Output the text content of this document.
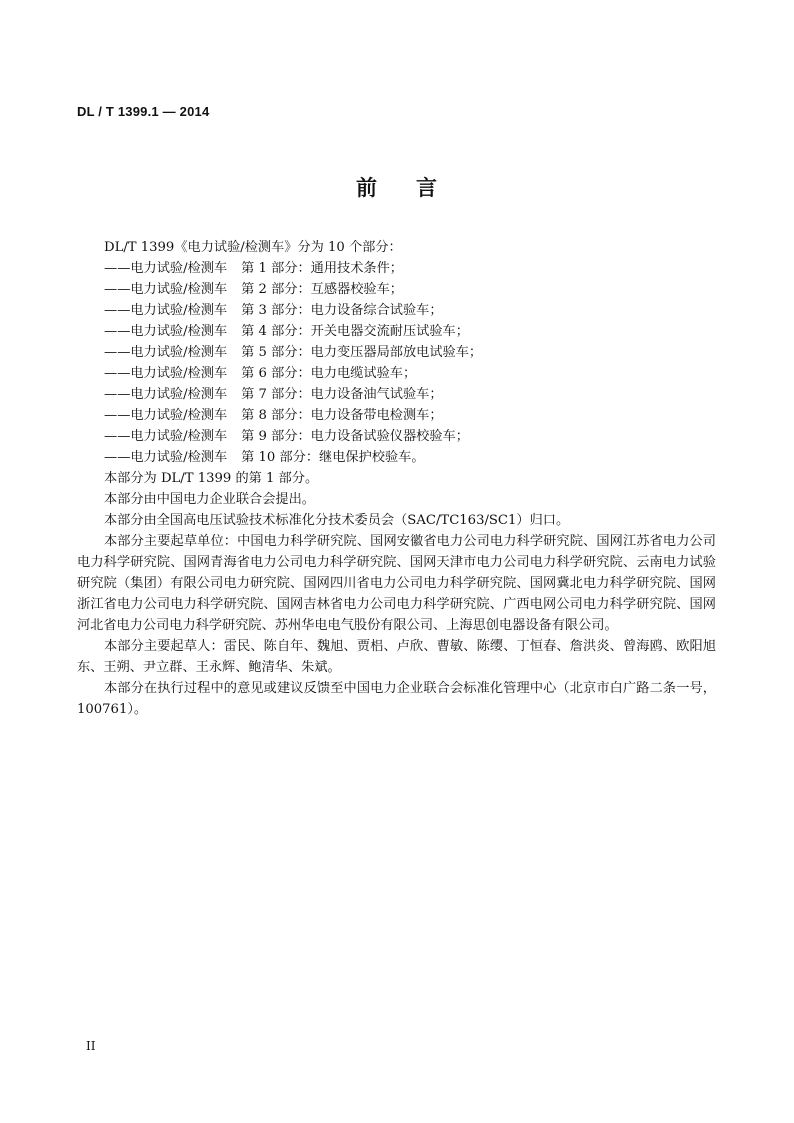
DL / T 1399.1 — 2014
前 言
DL/T 1399《电力试验/检测车》分为 10 个部分：
——电力试验/检测车 第 1 部分：通用技术条件；
——电力试验/检测车 第 2 部分：互感器校验车；
——电力试验/检测车 第 3 部分：电力设备综合试验车；
——电力试验/检测车 第 4 部分：开关电器交流耐压试验车；
——电力试验/检测车 第 5 部分：电力变压器局部放电试验车；
——电力试验/检测车 第 6 部分：电力电缆试验车；
——电力试验/检测车 第 7 部分：电力设备油气试验车；
——电力试验/检测车 第 8 部分：电力设备带电检测车；
——电力试验/检测车 第 9 部分：电力设备试验仪器校验车；
——电力试验/检测车 第 10 部分：继电保护校验车。
本部分为 DL/T 1399 的第 1 部分。
本部分由中国电力企业联合会提出。
本部分由全国高电压试验技术标准化分技术委员会（SAC/TC163/SC1）归口。
本部分主要起草单位：中国电力科学研究院、国网安徽省电力公司电力科学研究院、国网江苏省电力公司电力科学研究院、国网青海省电力公司电力科学研究院、国网天津市电力公司电力科学研究院、云南电力试验研究院（集团）有限公司电力研究院、国网四川省电力公司电力科学研究院、国网冀北电力科学研究院、国网浙江省电力公司电力科学研究院、国网吉林省电力公司电力科学研究院、广西电网公司电力科学研究院、国网河北省电力公司电力科学研究院、苏州华电电气股份有限公司、上海思创电器设备有限公司。
本部分主要起草人：雷民、陈自年、魏旭、贾梠、卢欣、曹敏、陈缨、丁恒春、詹洪炎、曾海鸥、欧阳旭东、王朔、尹立群、王永辉、鲍清华、朱斌。
本部分在执行过程中的意见或建议反馈至中国电力企业联合会标准化管理中心（北京市白广路二条一号，100761）。
II
